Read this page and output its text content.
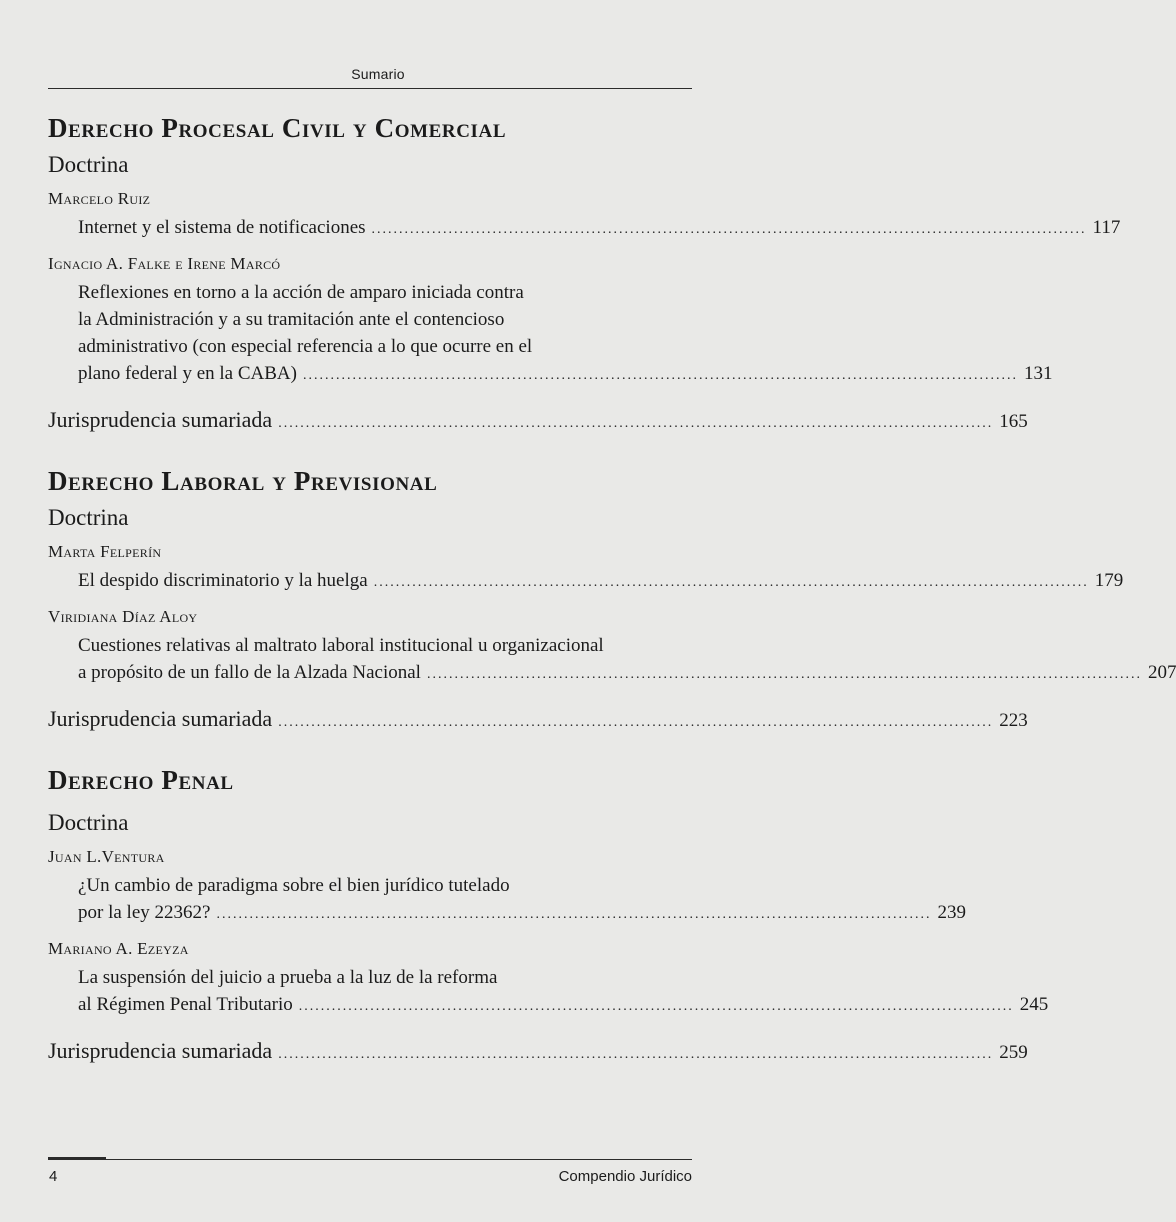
Sumario
Derecho Procesal Civil y Comercial
Doctrina
Marcelo Ruiz
Internet y el sistema de notificaciones .................................................................................................................................. 117
Ignacio A. Falke e Irene Marcó
Reflexiones en torno a la acción de amparo iniciada contra
la Administración y a su tramitación ante el contencioso
administrativo (con especial referencia a lo que ocurre en el
plano federal y en la CABA) .................................................................................................................................. 131
Jurisprudencia sumariada .................................................................................................................................. 165
Derecho Laboral y Previsional
Doctrina
Marta Felperín
El despido discriminatorio y la huelga .................................................................................................................................. 179
Viridiana Díaz Aloy
Cuestiones relativas al maltrato laboral institucional u organizacional
a propósito de un fallo de la Alzada Nacional .................................................................................................................................. 207
Jurisprudencia sumariada .................................................................................................................................. 223
Derecho Penal
Doctrina
Juan L.Ventura
¿Un cambio de paradigma sobre el bien jurídico tutelado
por la ley 22362? .................................................................................................................................. 239
Mariano A. Ezeyza
La suspensión del juicio a prueba a la luz de la reforma
al Régimen Penal Tributario .................................................................................................................................. 245
Jurisprudencia sumariada .................................................................................................................................. 259
4	Compendio Jurídico
